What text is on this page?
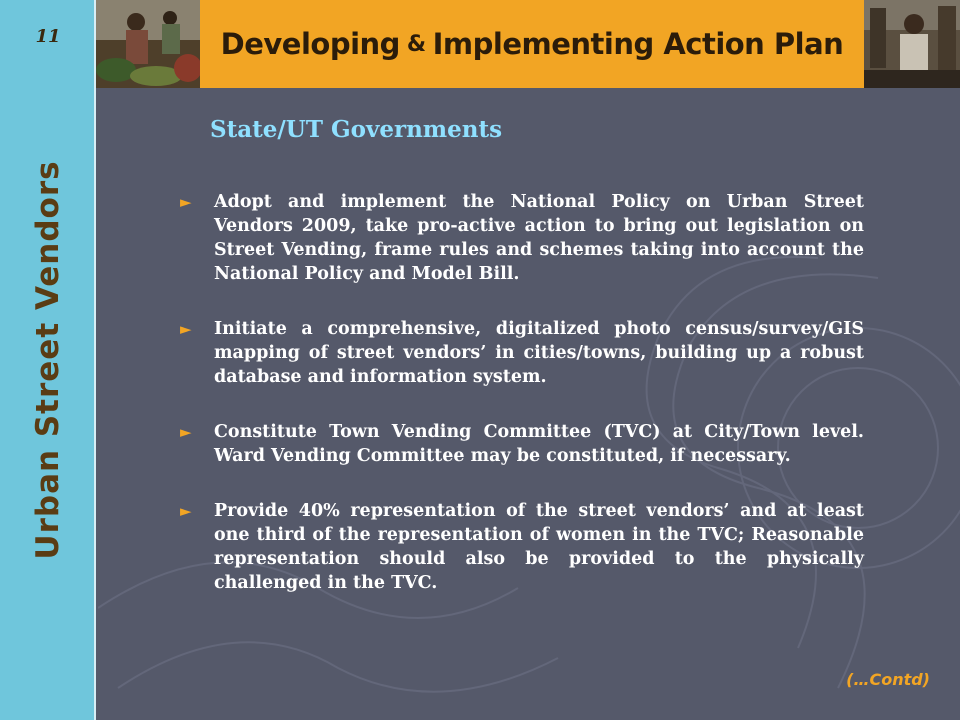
11
Urban Street Vendors
Developing & Implementing Action Plan
State/UT Governments
► Adopt and implement the National Policy on Urban Street Vendors 2009, take pro-active action to bring out legislation on Street Vending, frame rules and schemes taking into account the National Policy and Model Bill.
► Initiate a comprehensive, digitalized photo census/survey/GIS mapping of street vendors’ in cities/towns, building up a robust database and information system.
► Constitute Town Vending Committee (TVC) at City/Town level. Ward Vending Committee may be constituted, if necessary.
► Provide 40% representation of the street vendors’ and at least one third of the representation of women in the TVC; Reasonable representation should also be provided to the physically challenged in the TVC.
(…Contd)
